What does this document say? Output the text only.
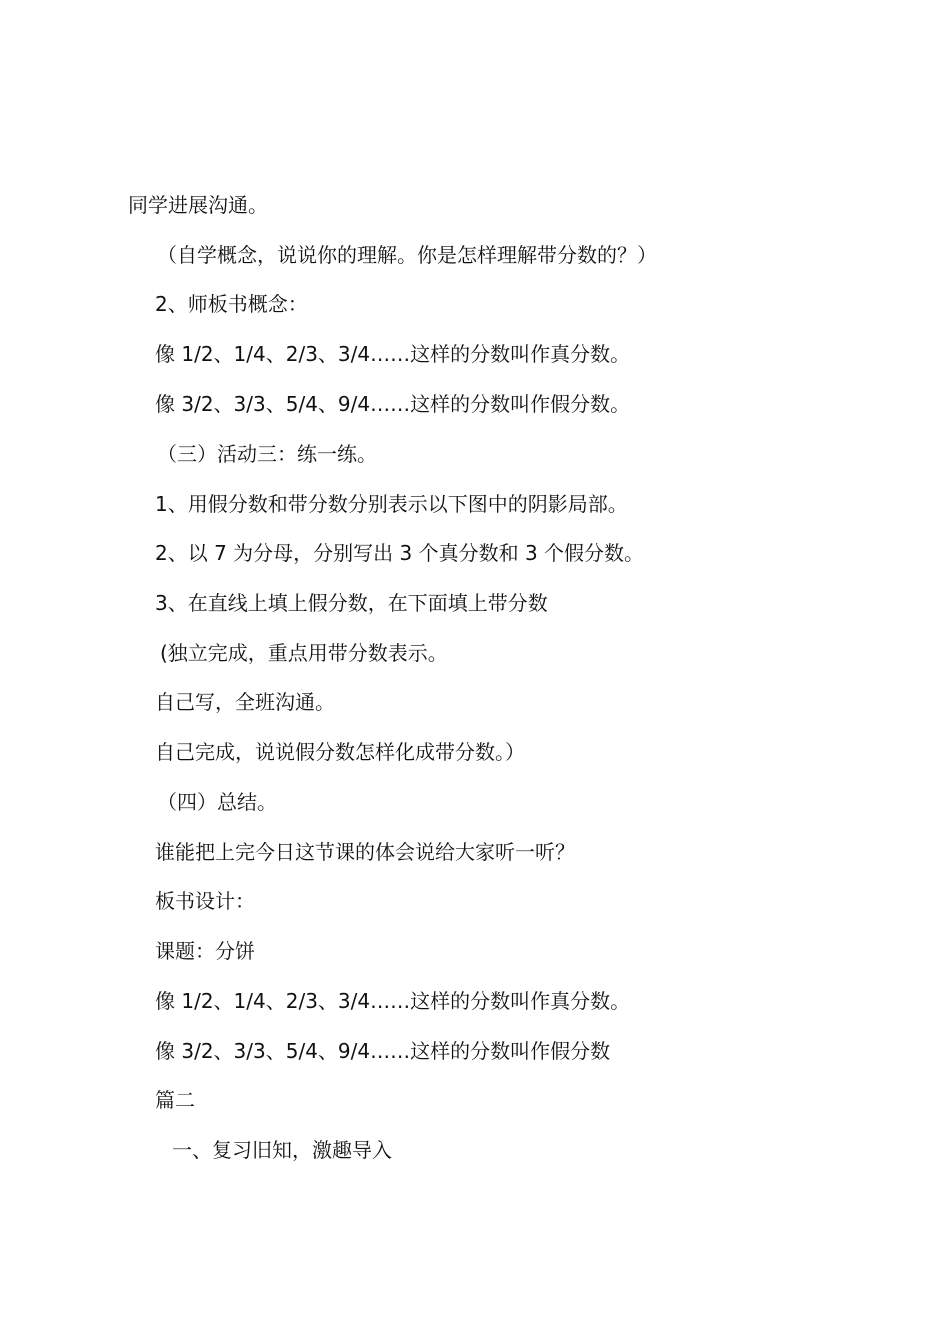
同学进展沟通。

（自学概念，说说你的理解。你是怎样理解带分数的？）

2、师板书概念：

像 1/2、1/4、2/3、3/4……这样的分数叫作真分数。

像 3/2、3/3、5/4、9/4……这样的分数叫作假分数。

（三）活动三：练一练。

1、用假分数和带分数分别表示以下图中的阴影局部。

2、以 7 为分母，分别写出 3 个真分数和 3 个假分数。

3、在直线上填上假分数，在下面填上带分数

(独立完成，重点用带分数表示。

自己写，全班沟通。

自己完成，说说假分数怎样化成带分数。）

（四）总结。

谁能把上完今日这节课的体会说给大家听一听？

板书设计：

课题：分饼

像 1/2、1/4、2/3、3/4……这样的分数叫作真分数。

像 3/2、3/3、5/4、9/4……这样的分数叫作假分数

篇二

一、复习旧知，激趣导入
